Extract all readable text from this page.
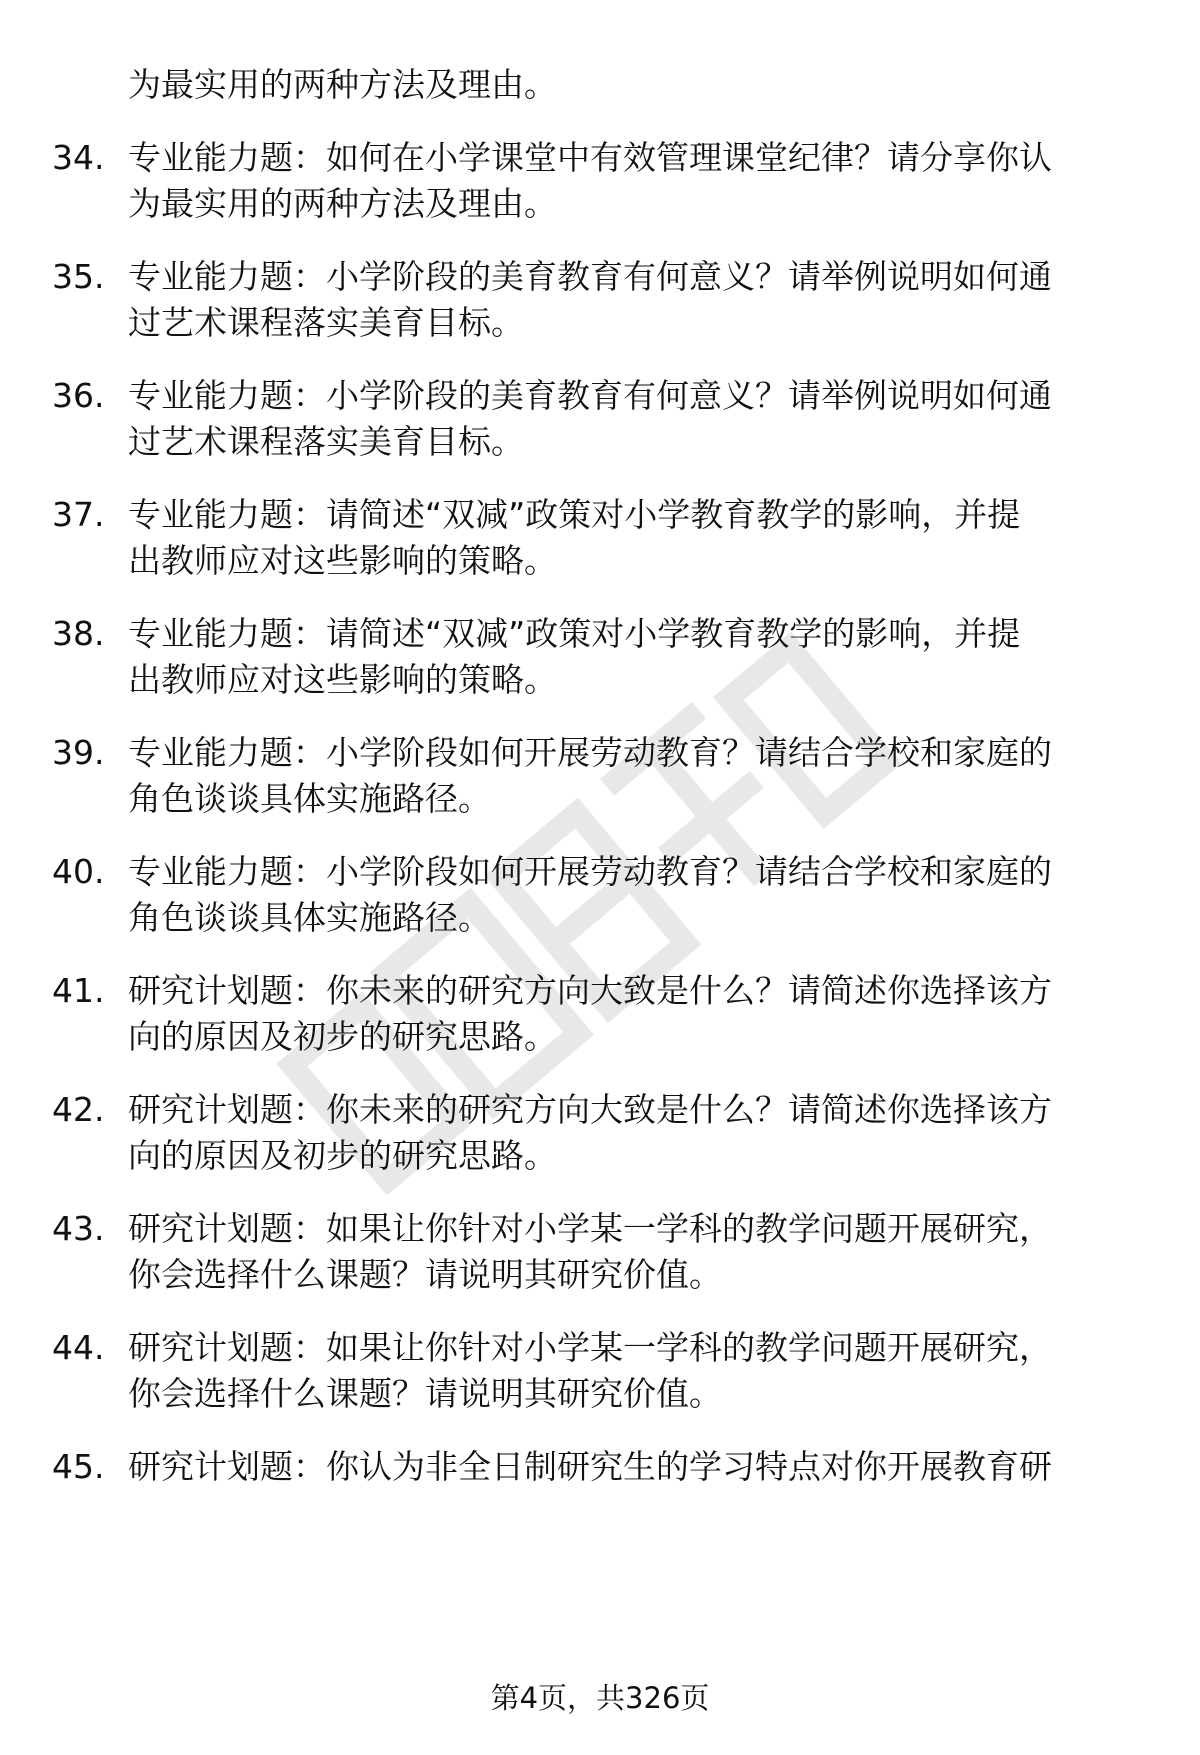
为最实用的两种方法及理由。
34. 专业能力题：如何在小学课堂中有效管理课堂纪律？请分享你认
为最实用的两种方法及理由。
35. 专业能力题：小学阶段的美育教育有何意义？请举例说明如何通
过艺术课程落实美育目标。
36. 专业能力题：小学阶段的美育教育有何意义？请举例说明如何通
过艺术课程落实美育目标。
37. 专业能力题：请简述“双减”政策对小学教育教学的影响，并提
出教师应对这些影响的策略。
38. 专业能力题：请简述“双减”政策对小学教育教学的影响，并提
出教师应对这些影响的策略。
39. 专业能力题：小学阶段如何开展劳动教育？请结合学校和家庭的
角色谈谈具体实施路径。
40. 专业能力题：小学阶段如何开展劳动教育？请结合学校和家庭的
角色谈谈具体实施路径。
41. 研究计划题：你未来的研究方向大致是什么？请简述你选择该方
向的原因及初步的研究思路。
42. 研究计划题：你未来的研究方向大致是什么？请简述你选择该方
向的原因及初步的研究思路。
43. 研究计划题：如果让你针对小学某一学科的教学问题开展研究，
你会选择什么课题？请说明其研究价值。
44. 研究计划题：如果让你针对小学某一学科的教学问题开展研究，
你会选择什么课题？请说明其研究价值。
45. 研究计划题：你认为非全日制研究生的学习特点对你开展教育研
第4页，共326页
